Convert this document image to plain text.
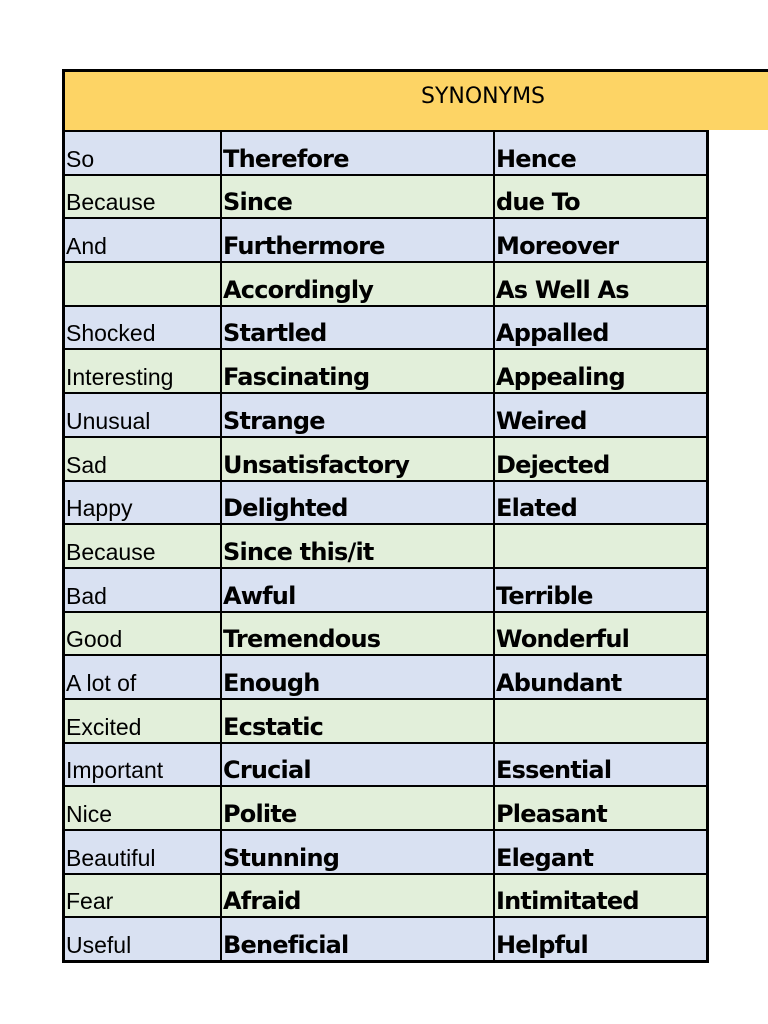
SYNONYMS
So	Therefore	Hence
Because	Since	due To
And	Furthermore	Moreover
	Accordingly	As Well As
Shocked	Startled	Appalled
Interesting	Fascinating	Appealing
Unusual	Strange	Weired
Sad	Unsatisfactory	Dejected
Happy	Delighted	Elated
Because	Since this/it	
Bad	Awful	Terrible
Good	Tremendous	Wonderful
A lot of	Enough	Abundant
Excited	Ecstatic	
Important	Crucial	Essential
Nice	Polite	Pleasant
Beautiful	Stunning	Elegant
Fear	Afraid	Intimitated
Useful	Beneficial	Helpful
